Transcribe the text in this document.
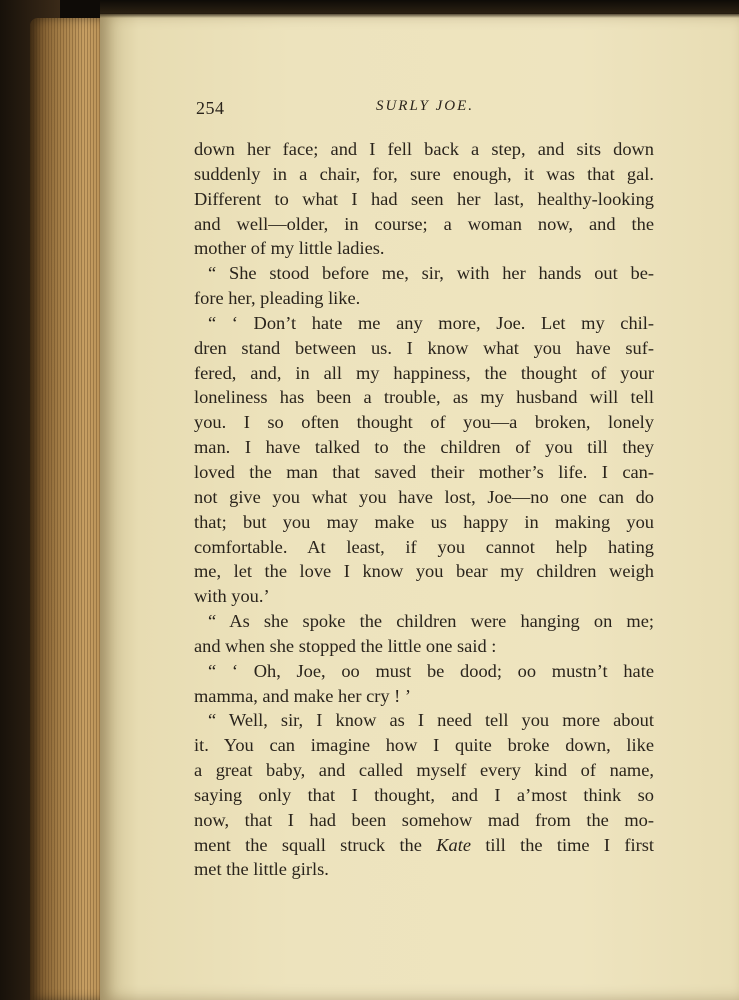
254	SURLY JOE.
down her face; and I fell back a step, and sits down
suddenly in a chair, for, sure enough, it was that gal.
Different to what I had seen her last, healthy-looking
and well—older, in course; a woman now, and the
mother of my little ladies.
“ She stood before me, sir, with her hands out be-
fore her, pleading like.
“ ‘ Don’t hate me any more, Joe. Let my chil-
dren stand between us. I know what you have suf-
fered, and, in all my happiness, the thought of your
loneliness has been a trouble, as my husband will tell
you. I so often thought of you—a broken, lonely
man. I have talked to the children of you till they
loved the man that saved their mother’s life. I can-
not give you what you have lost, Joe—no one can do
that; but you may make us happy in making you
comfortable. At least, if you cannot help hating
me, let the love I know you bear my children weigh
with you.’
“ As she spoke the children were hanging on me;
and when she stopped the little one said :
“ ‘ Oh, Joe, oo must be dood; oo mustn’t hate
mamma, and make her cry ! ’
“ Well, sir, I know as I need tell you more about
it. You can imagine how I quite broke down, like
a great baby, and called myself every kind of name,
saying only that I thought, and I a’most think so
now, that I had been somehow mad from the mo-
ment the squall struck the Kate till the time I first
met the little girls.
